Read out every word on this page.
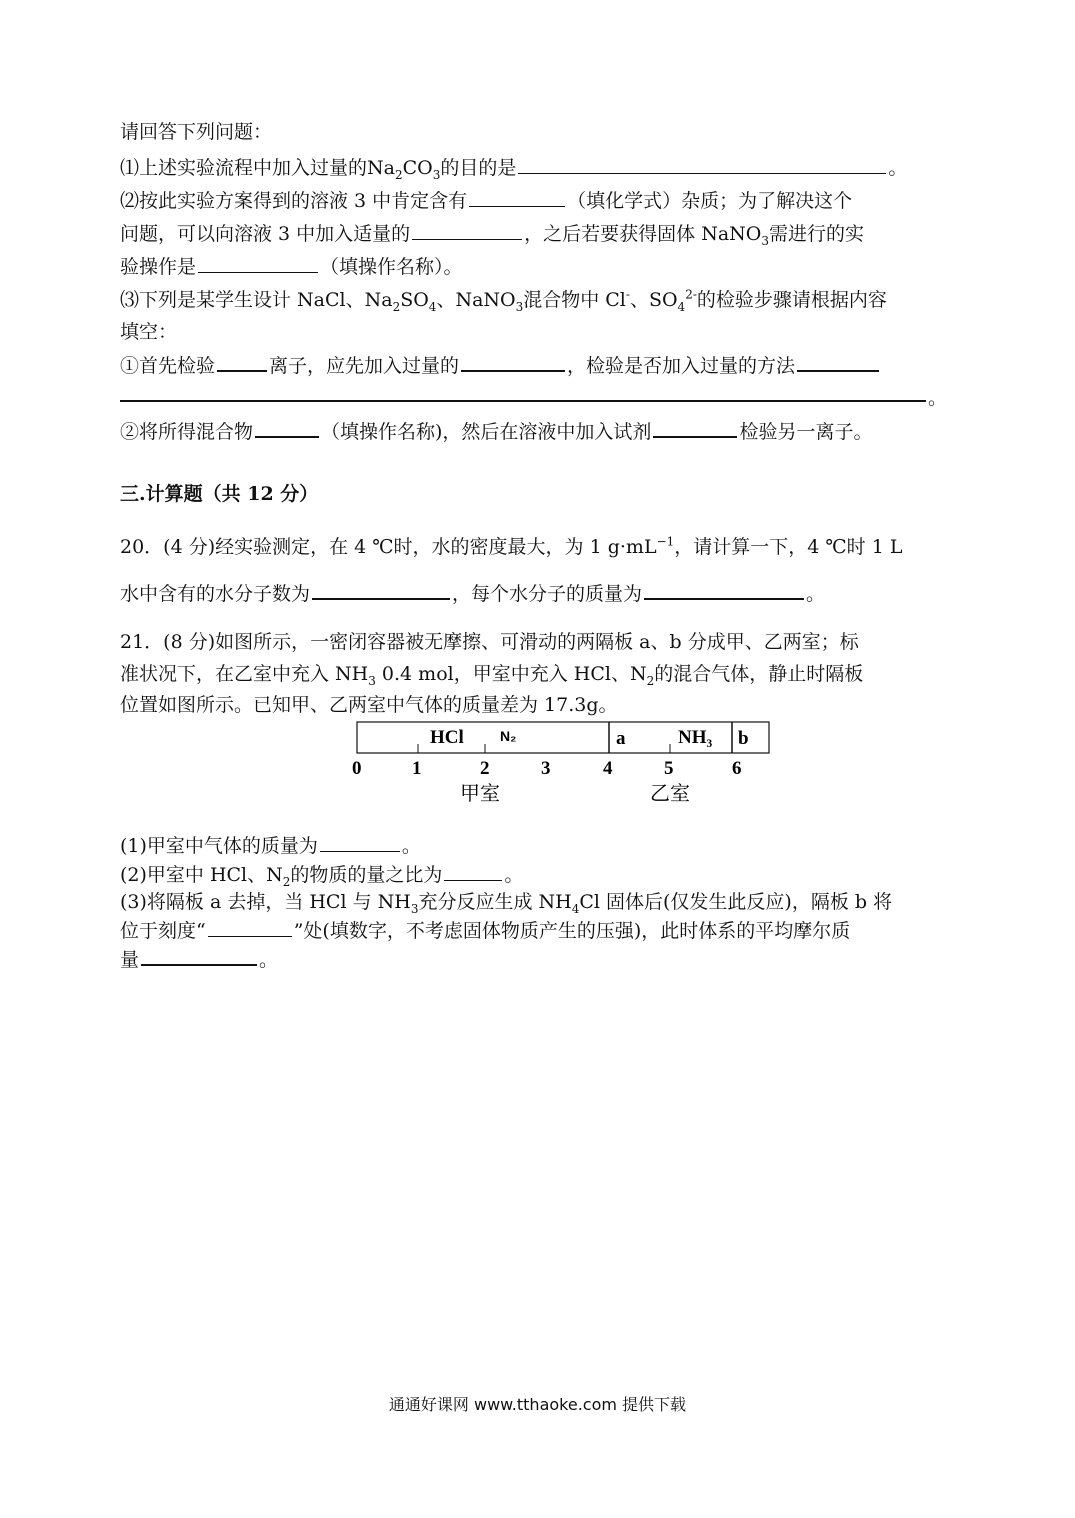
请回答下列问题：
⑴上述实验流程中加入过量的$Na_2CO_3$的目的是	。
⑵按此实验方案得到的溶液 3 中肯定含有	（填化学式）杂质；为了解决这个
问题，可以向溶液 3 中加入适量的	，之后若要获得固体 NaNO$_3$需进行的实
验操作是	（填操作名称）。
⑶下列是某学生设计 NaCl、$Na_2SO_4$、NaNO$_3$混合物中 Cl-、$SO_4^{2-}$的检验步骤请根据内容
填空：
①首先检验	离子，应先加入过量的	，检验是否加入过量的方法
。
②将所得混合物	（填操作名称)，然后在溶液中加入试剂	检验另一离子。
三.计算题（共 12 分）
20．(4 分)经实验测定，在 4 ℃时，水的密度最大，为 1 $g\cdot mL^{-1}$，请计算一下，4 ℃时 1 L
水中含有的水分子数为	，每个水分子的质量为	。
21．(8 分)如图所示，一密闭容器被无摩擦、可滑动的两隔板 a、b 分成甲、乙两室；标
准状况下，在乙室中充入 $NH_3$ 0.4 mol，甲室中充入 HCl、$N_2$的混合气体，静止时隔板
位置如图所示。已知甲、乙两室中气体的质量差为 17.3g。
HCl	N₂	a	NH₃ b
0	1	2	3	4	5	6
甲室	乙室
(1)甲室中气体的质量为	。
(2)甲室中 HCl、$N_2$的物质的量之比为	。
(3)将隔板 a 去掉，当 HCl 与 $NH_3$充分反应生成 $NH_4Cl$ 固体后(仅发生此反应)，隔板 b 将
位于刻度“	”处(填数字，不考虑固体物质产生的压强)，此时体系的平均摩尔质
量	。
通通好课网 www.tthaoke.com 提供下载
